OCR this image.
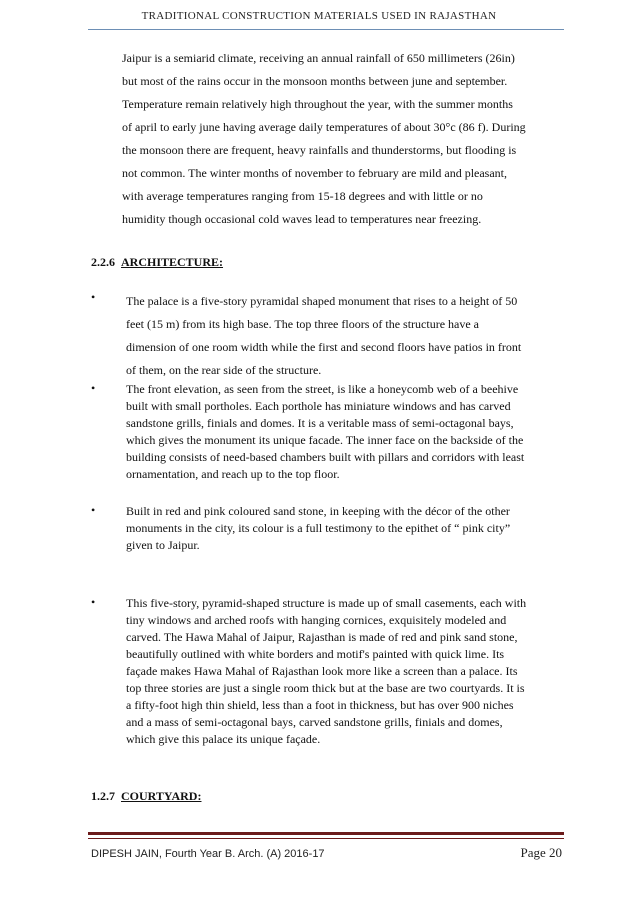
TRADITIONAL CONSTRUCTION MATERIALS USED IN RAJASTHAN
Jaipur is a semiarid climate, receiving an annual rainfall of 650 millimeters (26in)
but most of the rains occur in the monsoon months between june and september.
Temperature remain relatively high throughout the year, with the summer months
of april to early june having average daily temperatures of about 30°c (86 f). During
the monsoon there are frequent, heavy rainfalls and thunderstorms, but flooding is
not common. The winter months of november to february are mild and pleasant,
with average temperatures ranging from 15-18 degrees and with little or no
humidity though occasional cold waves lead to temperatures near freezing.
2.2.6 ARCHITECTURE:
•	The palace is a five-story pyramidal shaped monument that rises to a height of 50
feet (15 m) from its high base. The top three floors of the structure have a
dimension of one room width while the first and second floors have patios in front
of them, on the rear side of the structure.
•	The front elevation, as seen from the street, is like a honeycomb web of a beehive
built with small portholes. Each porthole has miniature windows and has carved
sandstone grills, finials and domes. It is a veritable mass of semi-octagonal bays,
which gives the monument its unique facade. The inner face on the backside of the
building consists of need-based chambers built with pillars and corridors with least
ornamentation, and reach up to the top floor.
•	Built in red and pink coloured sand stone, in keeping with the décor of the other
monuments in the city, its colour is a full testimony to the epithet of “ pink city”
given to Jaipur.
•	This five-story, pyramid-shaped structure is made up of small casements, each with
tiny windows and arched roofs with hanging cornices, exquisitely modeled and
carved. The Hawa Mahal of Jaipur, Rajasthan is made of red and pink sand stone,
beautifully outlined with white borders and motif's painted with quick lime. Its
façade makes Hawa Mahal of Rajasthan look more like a screen than a palace. Its
top three stories are just a single room thick but at the base are two courtyards. It is
a fifty-foot high thin shield, less than a foot in thickness, but has over 900 niches
and a mass of semi-octagonal bays, carved sandstone grills, finials and domes,
which give this palace its unique façade.
1.2.7 COURTYARD:
DIPESH JAIN, Fourth Year B. Arch. (A) 2016-17	Page 20
